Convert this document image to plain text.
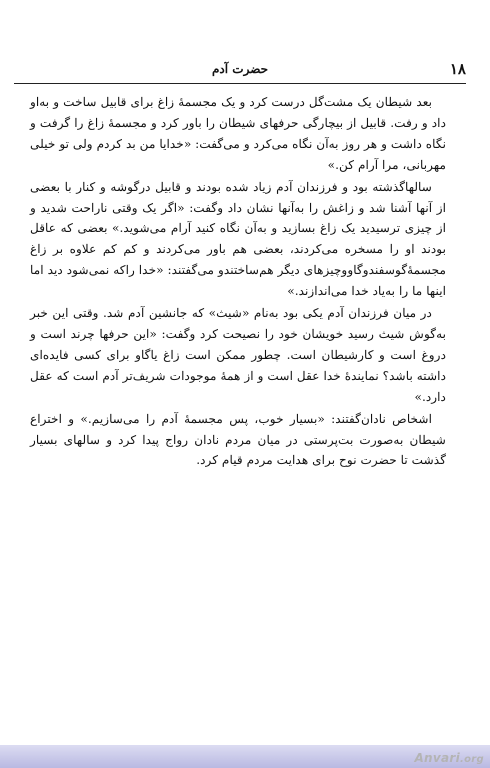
۱۸
حضرت آدم

بعد شیطان یک مشت‌گل درست کرد و یک مجسمهٔ زاغ برای قابیل ساخت و به‌او داد و رفت. قابیل از بیچارگی حرفهای شیطان را باور کرد و مجسمهٔ زاغ را گرفت و نگاه داشت و هر روز به‌آن نگاه می‌کرد و می‌گفت: «خدایا من بد کردم ولی تو خیلی مهربانی، مرا آرام کن.»

سالها‌گذشته بود و فرزندان آدم زیاد شده بودند و قابیل درگوشه و کنار با بعضی از آنها آشنا شد و زاغش را به‌آنها نشان داد و‌گفت: «اگر یک وقتی ناراحت شدید و از چیزی ترسیدید یک زاغ بسازید و به‌آن نگاه کنید آرام می‌شوید.» بعضی که عاقل بودند او را مسخره می‌کردند، بعضی هم باور می‌کردند و کم کم علاوه بر زاغ مجسمهٔ‌گوسفندو‌گاووچیزهای دیگر هم‌ساختندو می‌گفتند: «خدا راکه نمی‌شود دید اما اینها ما را به‌یاد خدا می‌اندازند.»

در میان فرزندان آدم یکی بود به‌نام «شیث» که جانشین آدم شد. وقتی این خبر به‌گوش شیث رسید خویشان خود را نصیحت کرد و‌گفت: «این حرفها چرند است و دروغ است و کارشیطان است. چطور ممکن است زاغ یاگاو برای کسی فایده‌ای داشته باشد؟ نمایندهٔ خدا عقل است و از همهٔ موجودات شریف‌تر آدم است که عقل دارد.»

اشخاص نادان‌گفتند: «بسیار خوب، پس مجسمهٔ آدم را می‌سازیم.» و اختراع شیطان به‌صورت بت‌پرستی در میان مردم نادان رواج پیدا کرد و سالهای بسیار گذشت تا حضرت نوح برای هدایت مردم قیام کرد.

Anvari.org
